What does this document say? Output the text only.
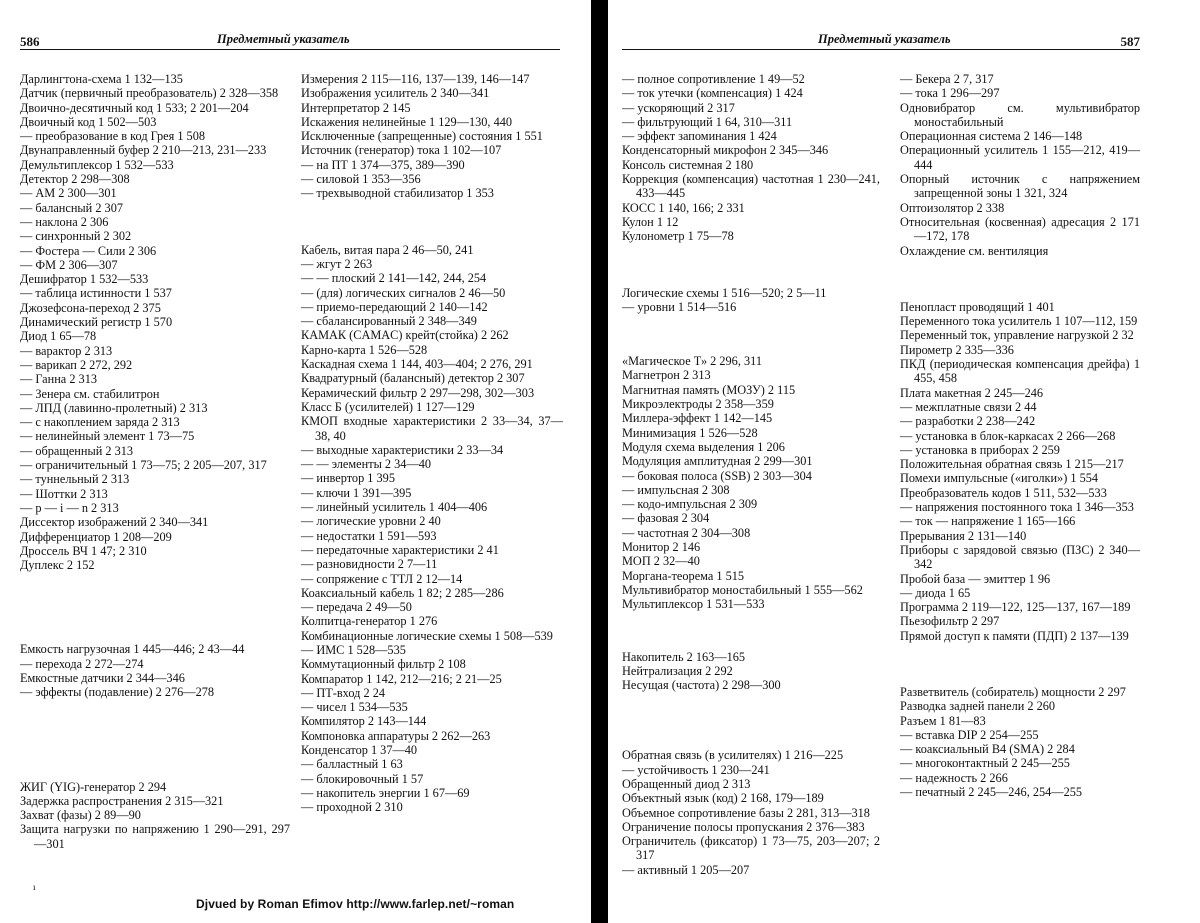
586	Предметный указатель
Дарлингтона-схема 1 132—135
Датчик (первичный преобразователь) 2 328—358
Двоично-десятичный код 1 533; 2 201—204
Двоичный код 1 502—503
— преобразование в код Грея 1 508
Двунаправленный буфер 2 210—213, 231—233
Демультиплексор 1 532—533
Детектор 2 298—308
— АМ 2 300—301
— балансный 2 307
— наклона 2 306
— синхронный 2 302
— Фостера — Сили 2 306
— ФМ 2 306—307
Дешифратор 1 532—533
— таблица истинности 1 537
Джозефсона-переход 2 375
Динамический регистр 1 570
Диод 1 65—78
— варактор 2 313
— варикап 2 272, 292
— Ганна 2 313
— Зенера см. стабилитрон
— ЛПД (лавинно-пролетный) 2 313
— с накоплением заряда 2 313
— нелинейный элемент 1 73—75
— обращенный 2 313
— ограничительный 1 73—75; 2 205—207, 317
— туннельный 2 313
— Шоттки 2 313
— p — i — n 2 313
Диссектор изображений 2 340—341
Дифференциатор 1 208—209
Дроссель ВЧ 1 47; 2 310
Дуплекс 2 152
Емкость нагрузочная 1 445—446; 2 43—44
— перехода 2 272—274
Емкостные датчики 2 344—346
— эффекты (подавление) 2 276—278
ЖИГ (YIG)-генератор 2 294
Задержка распространения 2 315—321
Захват (фазы) 2 89—90
Защита нагрузки по напряжению 1 290—291, 297—301
Измерения 2 115—116, 137—139, 146—147
Изображения усилитель 2 340—341
Интерпретатор 2 145
Искажения нелинейные 1 129—130, 440
Исключенные (запрещенные) состояния 1 551
Источник (генератор) тока 1 102—107
— на ПТ 1 374—375, 389—390
— силовой 1 353—356
— трехвыводной стабилизатор 1 353
Кабель, витая пара 2 46—50, 241
— жгут 2 263
— — плоский 2 141—142, 244, 254
— (для) логических сигналов 2 46—50
— приемо-передающий 2 140—142
— сбалансированный 2 348—349
КАМАК (CAMAC) крейт(стойка) 2 262
Карно-карта 1 526—528
Каскадная схема 1 144, 403—404; 2 276, 291
Квадратурный (балансный) детектор 2 307
Керамический фильтр 2 297—298, 302—303
Класс Б (усилителей) 1 127—129
КМОП входные характеристики 2 33—34, 37—38, 40
— выходные характеристики 2 33—34
— — элементы 2 34—40
— инвертор 1 395
— ключи 1 391—395
— линейный усилитель 1 404—406
— логические уровни 2 40
— недостатки 1 591—593
— передаточные характеристики 2 41
— разновидности 2 7—11
— сопряжение с ТТЛ 2 12—14
Коаксиальный кабель 1 82; 2 285—286
— передача 2 49—50
Колпитца-генератор 1 276
Комбинационные логические схемы 1 508—539
— ИМС 1 528—535
Коммутационный фильтр 2 108
Компаратор 1 142, 212—216; 2 21—25
— ПТ-вход 2 24
— чисел 1 534—535
Компилятор 2 143—144
Компоновка аппаратуры 2 262—263
Конденсатор 1 37—40
— балластный 1 63
— блокировочный 1 57
— накопитель энергии 1 67—69
— проходной 2 310
ı
Предметный указатель	587
— полное сопротивление 1 49—52
— ток утечки (компенсация) 1 424
— ускоряющий 2 317
— фильтрующий 1 64, 310—311
— эффект запоминания 1 424
Конденсаторный микрофон 2 345—346
Консоль системная 2 180
Коррекция (компенсация) частотная 1 230—241, 433—445
КОСС 1 140, 166; 2 331
Кулон 1 12
Кулонометр 1 75—78
Логические схемы 1 516—520; 2 5—11
— уровни 1 514—516
«Магическое Т» 2 296, 311
Магнетрон 2 313
Магнитная память (МОЗУ) 2 115
Микроэлектроды 2 358—359
Миллера-эффект 1 142—145
Минимизация 1 526—528
Модуля схема выделения 1 206
Модуляция амплитудная 2 299—301
— боковая полоса (SSB) 2 303—304
— импульсная 2 308
— кодо-импульсная 2 309
— фазовая 2 304
— частотная 2 304—308
Монитор 2 146
МОП 2 32—40
Моргана-теорема 1 515
Мультивибратор моностабильный 1 555—562
Мультиплексор 1 531—533
Накопитель 2 163—165
Нейтрализация 2 292
Несущая (частота) 2 298—300
Обратная связь (в усилителях) 1 216—225
— устойчивость 1 230—241
Обращенный диод 2 313
Объектный язык (код) 2 168, 179—189
Объемное сопротивление базы 2 281, 313—318
Ограничение полосы пропускания 2 376—383
Ограничитель (фиксатор) 1 73—75, 203—207; 2 317
— активный 1 205—207
— Бекера 2 7, 317
— тока 1 296—297
Одновибратор см. мультивибратор моностабильный
Операционная система 2 146—148
Операционный усилитель 1 155—212, 419—444
Опорный источник с напряжением запрещенной зоны 1 321, 324
Оптоизолятор 2 338
Относительная (косвенная) адресация 2 171—172, 178
Охлаждение см. вентиляция
Пенопласт проводящий 1 401
Переменного тока усилитель 1 107—112, 159
Переменный ток, управление нагрузкой 2 32
Пирометр 2 335—336
ПКД (периодическая компенсация дрейфа) 1 455, 458
Плата макетная 2 245—246
— межплатные связи 2 44
— разработки 2 238—242
— установка в блок-каркасах 2 266—268
— установка в приборах 2 259
Положительная обратная связь 1 215—217
Помехи импульсные («иголки») 1 554
Преобразователь кодов 1 511, 532—533
— напряжения постоянного тока 1 346—353
— ток — напряжение 1 165—166
Прерывания 2 131—140
Приборы с зарядовой связью (ПЗС) 2 340—342
Пробой база — эмиттер 1 96
— диода 1 65
Программа 2 119—122, 125—137, 167—189
Пьезофильтр 2 297
Прямой доступ к памяти (ПДП) 2 137—139
Разветвитель (собиратель) мощности 2 297
Разводка задней панели 2 260
Разъем 1 81—83
— вставка DIP 2 254—255
— коаксиальный В4 (SMA) 2 284
— многоконтактный 2 245—255
— надежность 2 266
— печатный 2 245—246, 254—255
Djvued by Roman Efimov http://www.farlep.net/~roman
